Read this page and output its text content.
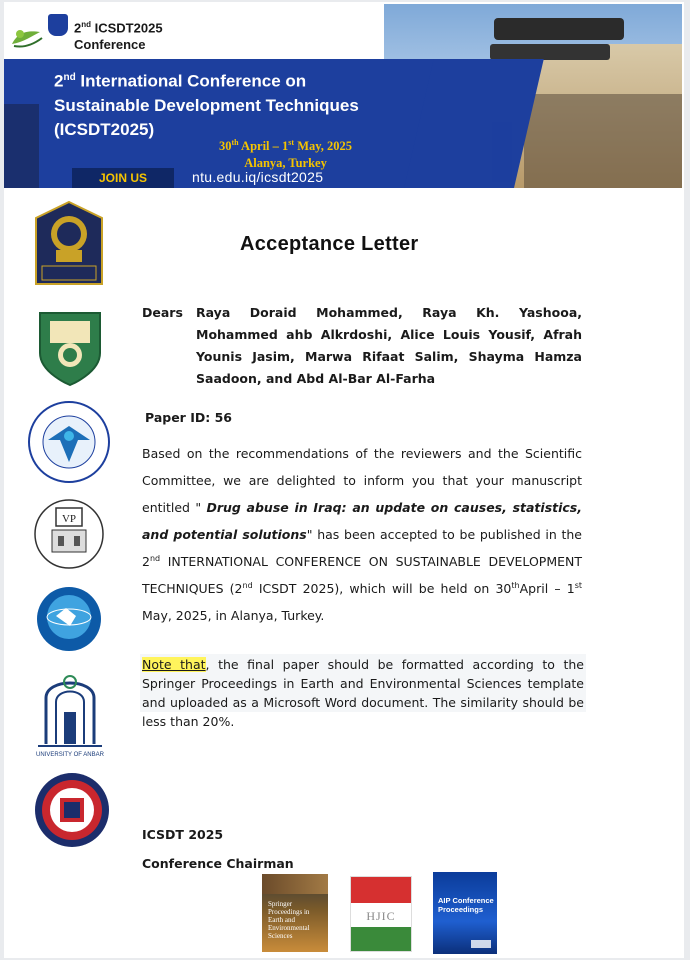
2nd ICSDT2025
Conference
2nd International Conference on
Sustainable Development Techniques
(ICSDT2025)
30th April – 1st May, 2025
Alanya, Turkey
JOIN US	ntu.edu.iq/icsdt2025
VP
UNIVERSITY OF ANBAR
Acceptance Letter
Dears Raya Doraid Mohammed, Raya Kh. Yashooa,
Mohammed ahb Alkrdoshi, Alice Louis Yousif, Afrah Younis Jasim, Marwa Rifaat Salim, Shayma Hamza Saadoon, and Abd Al-Bar Al-Farha
Paper ID: 56
Based on the recommendations of the reviewers and the Scientific Committee, we are delighted to inform you that your manuscript entitled " Drug abuse in Iraq: an update on causes, statistics, and potential solutions" has been accepted to be published in the 2nd INTERNATIONAL CONFERENCE ON SUSTAINABLE DEVELOPMENT TECHNIQUES (2nd ICSDT 2025), which will be held on 30thApril – 1st May, 2025, in Alanya, Turkey.
Note that, the final paper should be formatted according to the Springer Proceedings in Earth and Environmental Sciences template and uploaded as a Microsoft Word document. The similarity should be less than 20%.
ICSDT 2025
Conference Chairman
Springer Proceedings in Earth and Environmental Sciences
HJIC
AIP Conference Proceedings
